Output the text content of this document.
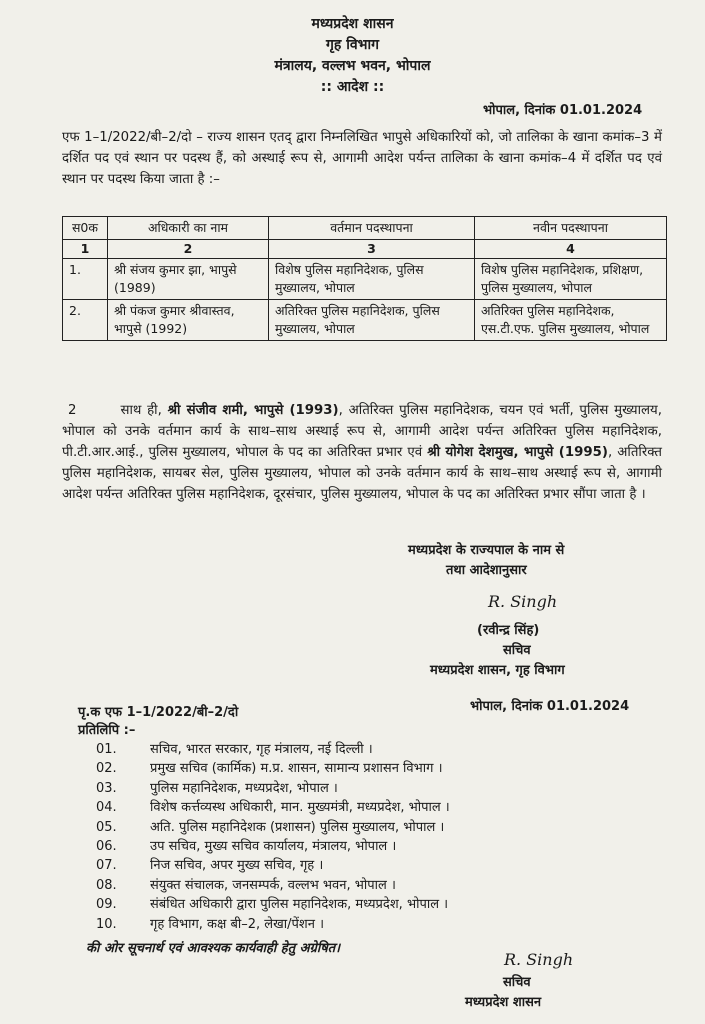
मध्यप्रदेश शासन
गृह विभाग
मंत्रालय, वल्लभ भवन, भोपाल
:: आदेश ::
भोपाल, दिनांक 01.01.2024
एफ 1–1/2022/बी–2/दो – राज्य शासन एतद् द्वारा निम्नलिखित भापुसे अधिकारियों को, जो तालिका के खाना कमांक–3 में दर्शित पद एवं स्थान पर पदस्थ हैं, को अस्थाई रूप से, आगामी आदेश पर्यन्त तालिका के खाना कमांक–4 में दर्शित पद एवं स्थान पर पदस्थ किया जाता है :–
स0क	अधिकारी का नाम	वर्तमान पदस्थापना	नवीन पदस्थापना
1	2	3	4
1.	श्री संजय कुमार झा, भापुसे (1989)	विशेष पुलिस महानिदेशक, पुलिस मुख्यालय, भोपाल	विशेष पुलिस महानिदेशक, प्रशिक्षण, पुलिस मुख्यालय, भोपाल
2.	श्री पंकज कुमार श्रीवास्तव, भापुसे (1992)	अतिरिक्त पुलिस महानिदेशक, पुलिस मुख्यालय, भोपाल	अतिरिक्त पुलिस महानिदेशक, एस.टी.एफ. पुलिस मुख्यालय, भोपाल
2	साथ ही, श्री संजीव शमी, भापुसे (1993), अतिरिक्त पुलिस महानिदेशक, चयन एवं भर्ती, पुलिस मुख्यालय, भोपाल को उनके वर्तमान कार्य के साथ–साथ अस्थाई रूप से, आगामी आदेश पर्यन्त अतिरिक्त पुलिस महानिदेशक, पी.टी.आर.आई., पुलिस मुख्यालय, भोपाल के पद का अतिरिक्त प्रभार एवं श्री योगेश देशमुख, भापुसे (1995), अतिरिक्त पुलिस महानिदेशक, सायबर सेल, पुलिस मुख्यालय, भोपाल को उनके वर्तमान कार्य के साथ–साथ अस्थाई रूप से, आगामी आदेश पर्यन्त अतिरिक्त पुलिस महानिदेशक, दूरसंचार, पुलिस मुख्यालय, भोपाल के पद का अतिरिक्त प्रभार सौंपा जाता है ।
मध्यप्रदेश के राज्यपाल के नाम से
तथा आदेशानुसार
R. Singh
(रवीन्द्र सिंह)
सचिव
मध्यप्रदेश शासन, गृह विभाग
पृ.क एफ 1–1/2022/बी–2/दो	भोपाल, दिनांक 01.01.2024
प्रतिलिपि :–
01.	सचिव, भारत सरकार, गृह मंत्रालय, नई दिल्ली ।
02.	प्रमुख सचिव (कार्मिक) म.प्र. शासन, सामान्य प्रशासन विभाग ।
03.	पुलिस महानिदेशक, मध्यप्रदेश, भोपाल ।
04.	विशेष कर्त्तव्यस्थ अधिकारी, मान. मुख्यमंत्री, मध्यप्रदेश, भोपाल ।
05.	अति. पुलिस महानिदेशक (प्रशासन) पुलिस मुख्यालय, भोपाल ।
06.	उप सचिव, मुख्य सचिव कार्यालय, मंत्रालय, भोपाल ।
07.	निज सचिव, अपर मुख्य सचिव, गृह ।
08.	संयुक्त संचालक, जनसम्पर्क, वल्लभ भवन, भोपाल ।
09.	संबंधित अधिकारी द्वारा पुलिस महानिदेशक, मध्यप्रदेश, भोपाल ।
10.	गृह विभाग, कक्ष बी–2, लेखा/पेंशन ।
की ओर सूचनार्थ एवं आवश्यक कार्यवाही हेतु अग्रेषित।
R. Singh
सचिव
मध्यप्रदेश शासन
